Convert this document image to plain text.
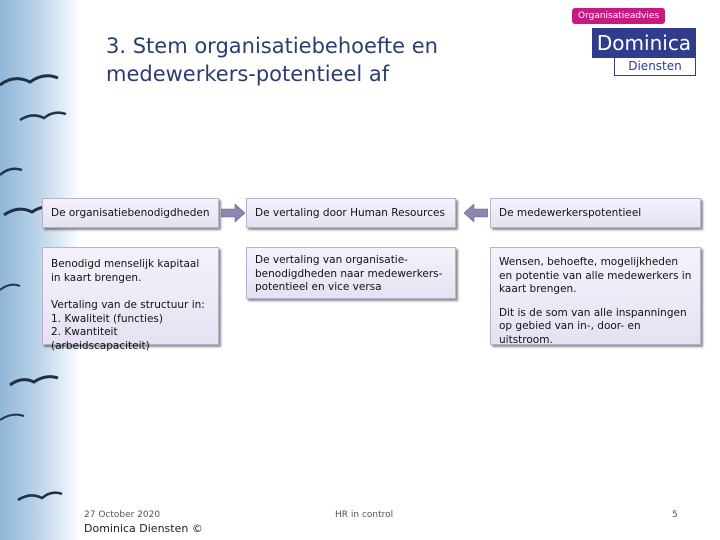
3. Stem organisatiebehoefte en medewerkers-potentieel af
Organisatieadvies
Dominica
Diensten
De organisatiebenodigdheden	De vertaling door Human Resources	De medewerkerspotentieel
Benodigd menselijk kapitaal in kaart brengen.
Vertaling van de structuur in:
1. Kwaliteit (functies)
2. Kwantiteit (arbeidscapaciteit)
De vertaling van organisatie-benodigdheden naar medewerkers-potentieel en vice versa
Wensen, behoefte, mogelijkheden en potentie van alle medewerkers in kaart brengen.
Dit is de som van alle inspanningen op gebied van in-, door- en uitstroom.
27 October 2020
Dominica Diensten ©
HR in control	5
